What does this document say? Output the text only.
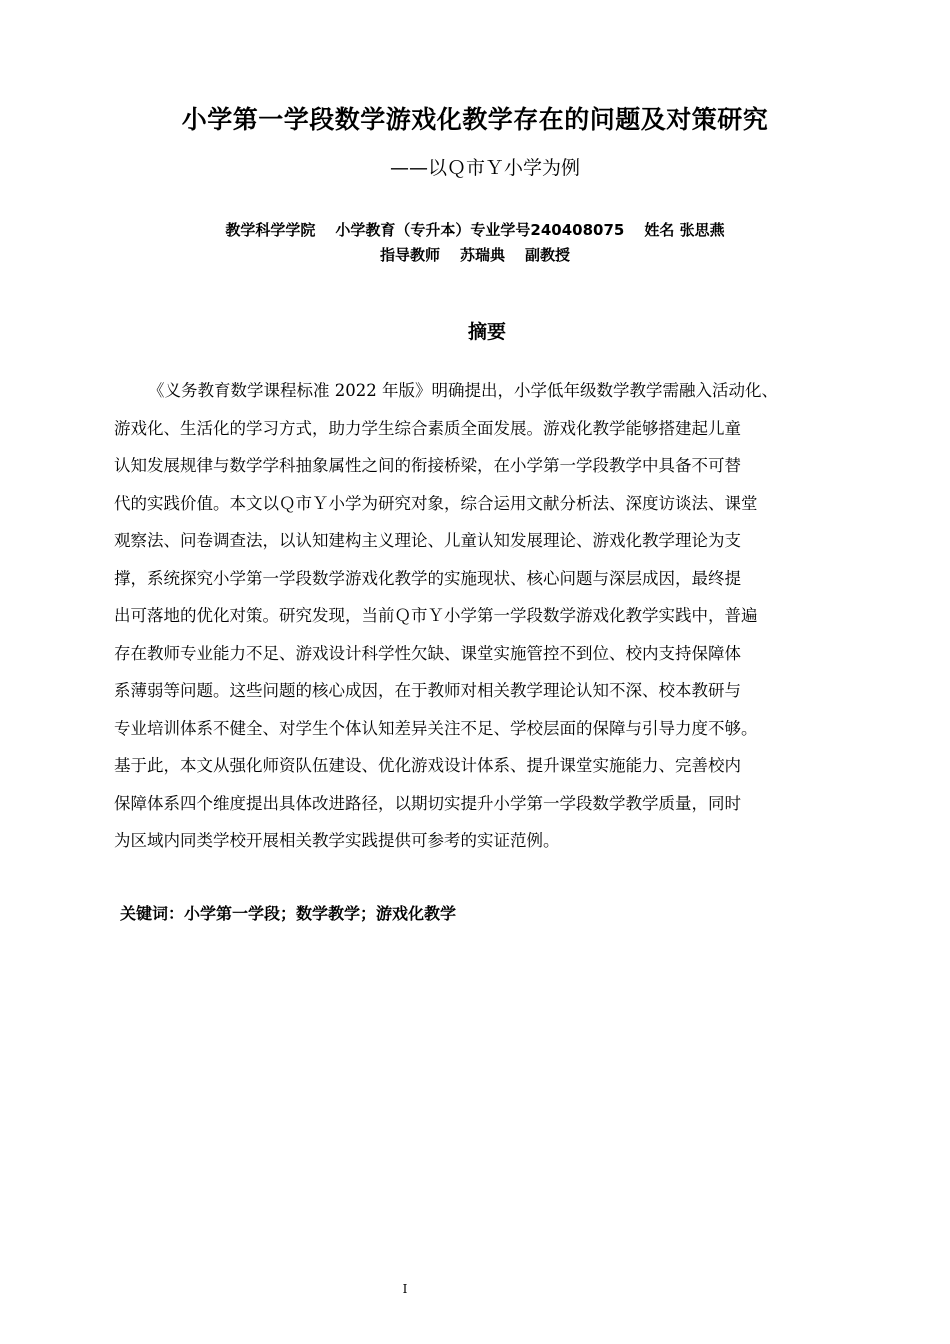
小学第一学段数学游戏化教学存在的问题及对策研究
——以Ｑ市Ｙ小学为例
教学科学学院 小学教育（专升本）专业学号240408075 姓名 张思燕
指导教师 苏瑞典 副教授
摘要
《义务教育数学课程标准 2022 年版》明确提出，小学低年级数学教学需融入活动化、
游戏化、生活化的学习方式，助力学生综合素质全面发展。游戏化教学能够搭建起儿童
认知发展规律与数学学科抽象属性之间的衔接桥梁，在小学第一学段教学中具备不可替
代的实践价值。本文以Ｑ市Ｙ小学为研究对象，综合运用文献分析法、深度访谈法、课堂
观察法、问卷调查法，以认知建构主义理论、儿童认知发展理论、游戏化教学理论为支
撑，系统探究小学第一学段数学游戏化教学的实施现状、核心问题与深层成因，最终提
出可落地的优化对策。研究发现，当前Ｑ市Ｙ小学第一学段数学游戏化教学实践中，普遍
存在教师专业能力不足、游戏设计科学性欠缺、课堂实施管控不到位、校内支持保障体
系薄弱等问题。这些问题的核心成因，在于教师对相关教学理论认知不深、校本教研与
专业培训体系不健全、对学生个体认知差异关注不足、学校层面的保障与引导力度不够。
基于此，本文从强化师资队伍建设、优化游戏设计体系、提升课堂实施能力、完善校内
保障体系四个维度提出具体改进路径，以期切实提升小学第一学段数学教学质量，同时
为区域内同类学校开展相关教学实践提供可参考的实证范例。
关键词：小学第一学段；数学教学；游戏化教学
I
